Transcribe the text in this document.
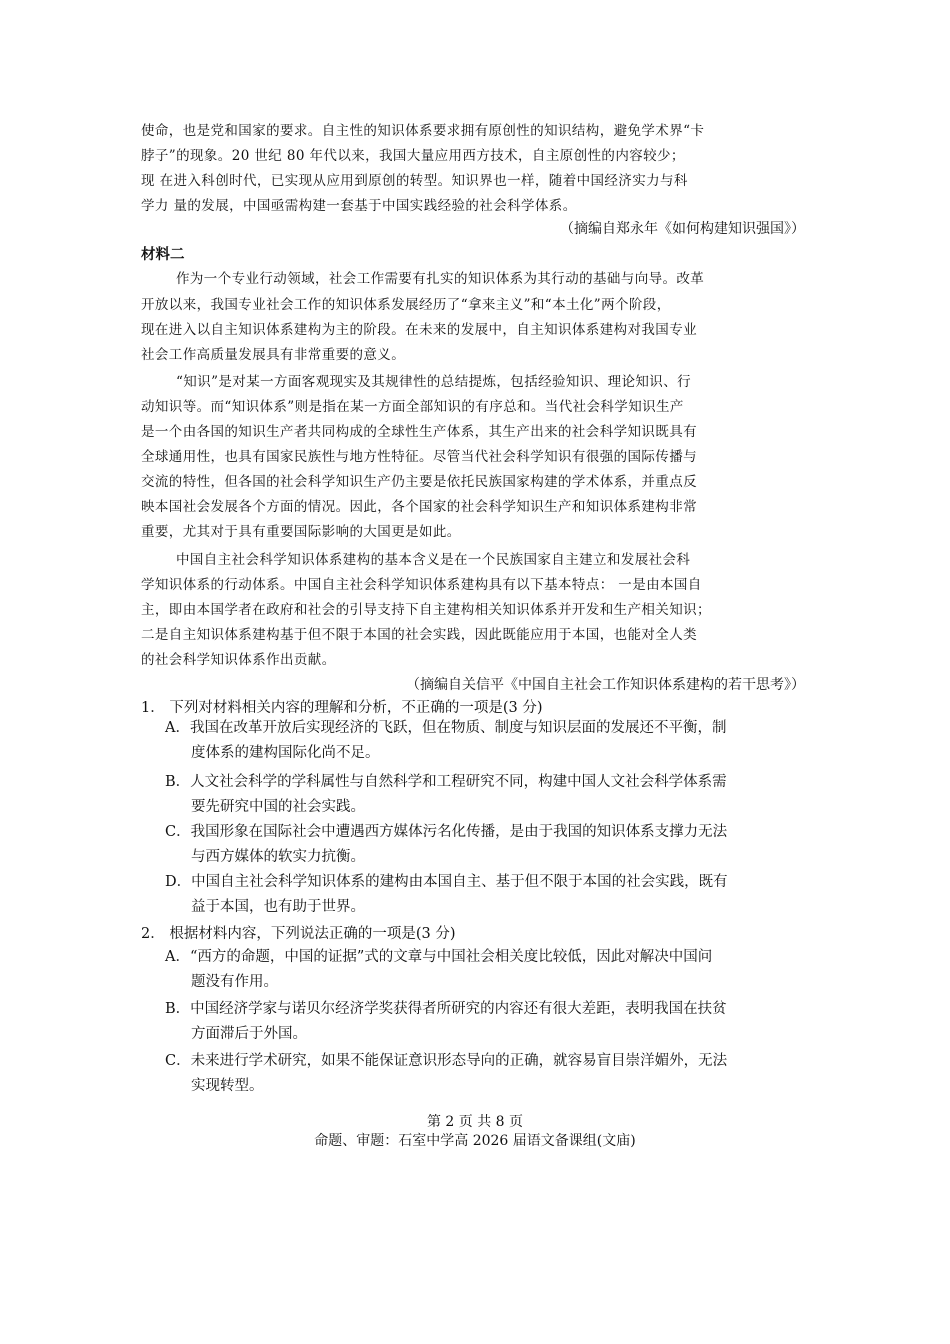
使命，也是党和国家的要求。自主性的知识体系要求拥有原创性的知识结构，避免学术界“卡
脖子”的现象。20 世纪 80 年代以来，我国大量应用西方技术，自主原创性的内容较少；
现 在进入科创时代，已实现从应用到原创的转型。知识界也一样，随着中国经济实力与科
学力 量的发展，中国亟需构建一套基于中国实践经验的社会科学体系。
（摘编自郑永年《如何构建知识强国》）
材料二
作为一个专业行动领域，社会工作需要有扎实的知识体系为其行动的基础与向导。改革
开放以来，我国专业社会工作的知识体系发展经历了“拿来主义”和“本土化”两个阶段，
现在进入以自主知识体系建构为主的阶段。在未来的发展中，自主知识体系建构对我国专业
社会工作高质量发展具有非常重要的意义。
“知识”是对某一方面客观现实及其规律性的总结提炼，包括经验知识、理论知识、行
动知识等。而“知识体系”则是指在某一方面全部知识的有序总和。当代社会科学知识生产
是一个由各国的知识生产者共同构成的全球性生产体系，其生产出来的社会科学知识既具有
全球通用性，也具有国家民族性与地方性特征。尽管当代社会科学知识有很强的国际传播与
交流的特性，但各国的社会科学知识生产仍主要是依托民族国家构建的学术体系，并重点反
映本国社会发展各个方面的情况。因此，各个国家的社会科学知识生产和知识体系建构非常
重要，尤其对于具有重要国际影响的大国更是如此。
中国自主社会科学知识体系建构的基本含义是在一个民族国家自主建立和发展社会科
学知识体系的行动体系。中国自主社会科学知识体系建构具有以下基本特点： 一是由本国自
主，即由本国学者在政府和社会的引导支持下自主建构相关知识体系并开发和生产相关知识；
二是自主知识体系建构基于但不限于本国的社会实践，因此既能应用于本国，也能对全人类
的社会科学知识体系作出贡献。
（摘编自关信平《中国自主社会工作知识体系建构的若干思考》）
1． 下列对材料相关内容的理解和分析，不正确的一项是(3 分)
A．我国在改革开放后实现经济的飞跃，但在物质、制度与知识层面的发展还不平衡，制
度体系的建构国际化尚不足。
B．人文社会科学的学科属性与自然科学和工程研究不同，构建中国人文社会科学体系需
要先研究中国的社会实践。
C．我国形象在国际社会中遭遇西方媒体污名化传播，是由于我国的知识体系支撑力无法
与西方媒体的软实力抗衡。
D．中国自主社会科学知识体系的建构由本国自主、基于但不限于本国的社会实践，既有
益于本国，也有助于世界。
2． 根据材料内容，下列说法正确的一项是(3 分)
A．“西方的命题，中国的证据”式的文章与中国社会相关度比较低，因此对解决中国问
题没有作用。
B．中国经济学家与诺贝尔经济学奖获得者所研究的内容还有很大差距，表明我国在扶贫
方面滞后于外国。
C．未来进行学术研究，如果不能保证意识形态导向的正确，就容易盲目崇洋媚外，无法
实现转型。
第 2 页 共 8 页
命题、审题：石室中学高 2026 届语文备课组(文庙)
